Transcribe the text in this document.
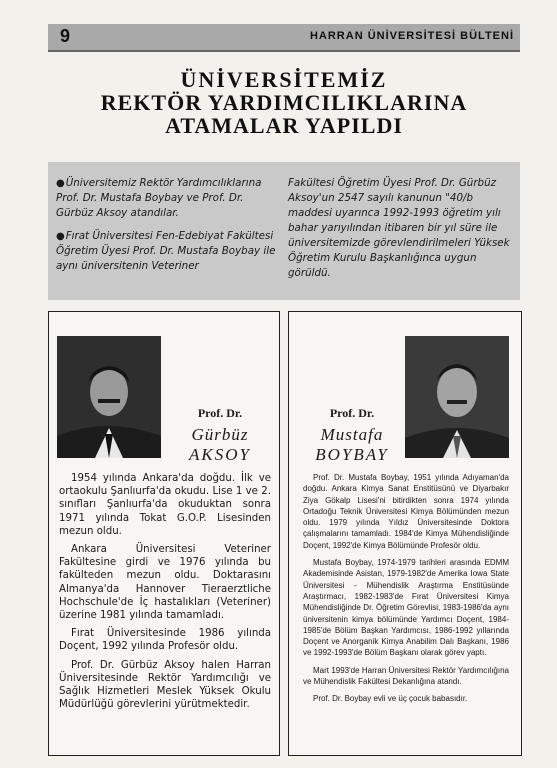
9	HARRAN ÜNİVERSİTESİ BÜLTENİ
ÜNİVERSİTEMİZ
REKTÖR YARDIMCILIKLARINA
ATAMALAR YAPILDI

●Üniversitemiz Rektör Yardımcılıklarına Prof. Dr. Mustafa Boybay ve Prof. Dr. Gürbüz Aksoy atandılar.

●Fırat Üniversitesi Fen-Edebiyat Fakültesi Öğretim Üyesi Prof. Dr. Mustafa Boybay ile aynı üniversitenin Veteriner

Fakültesi Öğretim Üyesi Prof. Dr. Gürbüz Aksoy'un 2547 sayılı kanunun "40/b maddesi uyarınca 1992-1993 öğretim yılı bahar yarıyılından itibaren bir yıl süre ile üniversitemizde görevlendirilmeleri Yüksek Öğretim Kurulu Başkanlığınca uygun görüldü.

Prof. Dr.
Gürbüz
AKSOY

1954 yılında Ankara'da doğdu. İlk ve ortaokulu Şanlıurfa'da okudu. Lise 1 ve 2. sınıfları Şanlıurfa'da okuduktan sonra 1971 yılında Tokat G.O.P. Lisesinden mezun oldu.

Ankara Üniversitesi Veteriner Fakültesine girdi ve 1976 yılında bu fakülteden mezun oldu. Doktarasını Almanya'da Hannover Tieraerztliche Hochschule'de İç hastalıkları (Veteriner) üzerine 1981 yılında tamamladı.

Fırat Üniversitesinde 1986 yılında Doçent, 1992 yılında Profesör oldu.

Prof. Dr. Gürbüz Aksoy halen Harran Üniversitesinde Rektör Yardımcılığı ve Sağlık Hizmetleri Meslek Yüksek Okulu Müdürlüğü görevlerini yürütmektedir.

Prof. Dr.
Mustafa
BOYBAY

Prof. Dr. Mustafa Boybay, 1951 yılında Adıyaman'da doğdu. Ankara Kimya Sanat Enstitüsünü ve Diyarbakır Ziya Gökalp Lisesi'ni bitirdikten sonra 1974 yılında Ortadoğu Teknik Üniversitesi Kimya Bölümünden mezun oldu. 1979 yılında Yıldız Üniversitesinde Doktora çalışmalarını tamamladı. 1984'de Kimya Mühendisliğinde Doçent, 1992'de Kimya Bölümünde Profesör oldu.

Mustafa Boybay, 1974-1979 tarihleri arasında EDMM Akademisinde Asistan, 1979-1982'de Amerika Iowa State Üniversitesi - Mühendislik Araştırma Enstitüsünde Araştırmacı, 1982-1983'de Fırat Üniversitesi Kimya Mühendisliğinde Dr. Öğretim Görevlisi, 1983-1986'da aynı üniversitenin kimya bölümünde Yardımcı Doçent, 1984-1985'de Bölüm Başkan Yardımcısı, 1986-1992 yıllarında Doçent ve Anorganik Kimya Anabilim Dalı Başkanı, 1986 ve 1992-1993'de Bölüm Başkanı olarak görev yaptı.

Mart 1993'de Harran Üniversitesi Rektör Yardımcılığına ve Mühendislik Fakültesi Dekanlığına atandı.

Prof. Dr. Boybay evli ve üç çocuk babasıdır.
